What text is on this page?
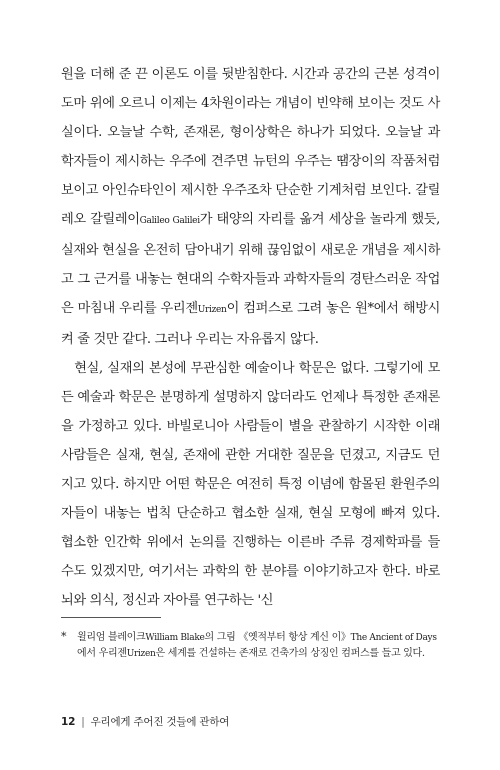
원을 더해 준 끈 이론도 이를 뒷받침한다. 시간과 공간의 근본 성격이 도마 위에 오르니 이제는 4차원이라는 개념이 빈약해 보이는 것도 사실이다. 오늘날 수학, 존재론, 형이상학은 하나가 되었다. 오늘날 과학자들이 제시하는 우주에 견주면 뉴턴의 우주는 땜장이의 작품처럼 보이고 아인슈타인이 제시한 우주조차 단순한 기계처럼 보인다. 갈릴레오 갈릴레이Galileo Galilei가 태양의 자리를 옮겨 세상을 놀라게 했듯, 실재와 현실을 온전히 담아내기 위해 끊임없이 새로운 개념을 제시하고 그 근거를 내놓는 현대의 수학자들과 과학자들의 경탄스러운 작업은 마침내 우리를 우리젠Urizen이 컴퍼스로 그려 놓은 원*에서 해방시켜 줄 것만 같다. 그러나 우리는 자유롭지 않다.

현실, 실재의 본성에 무관심한 예술이나 학문은 없다. 그렇기에 모든 예술과 학문은 분명하게 설명하지 않더라도 언제나 특정한 존재론을 가정하고 있다. 바빌로니아 사람들이 별을 관찰하기 시작한 이래 사람들은 실재, 현실, 존재에 관한 거대한 질문을 던졌고, 지금도 던지고 있다. 하지만 어떤 학문은 여전히 특정 이념에 함몰된 환원주의자들이 내놓는 법칙 단순하고 협소한 실재, 현실 모형에 빠져 있다. 협소한 인간학 위에서 논의를 진행하는 이른바 주류 경제학파를 들 수도 있겠지만, 여기서는 과학의 한 분야를 이야기하고자 한다. 바로 뇌와 의식, 정신과 자아를 연구하는 '신

*	윌리엄 블레이크William Blake의 그림 《옛적부터 항상 계신 이》The Ancient of Days에서 우리젠Urizen은 세계를 건설하는 존재로 건축가의 상징인 컴퍼스를 들고 있다.
12 | 우리에게 주어진 것들에 관하여
